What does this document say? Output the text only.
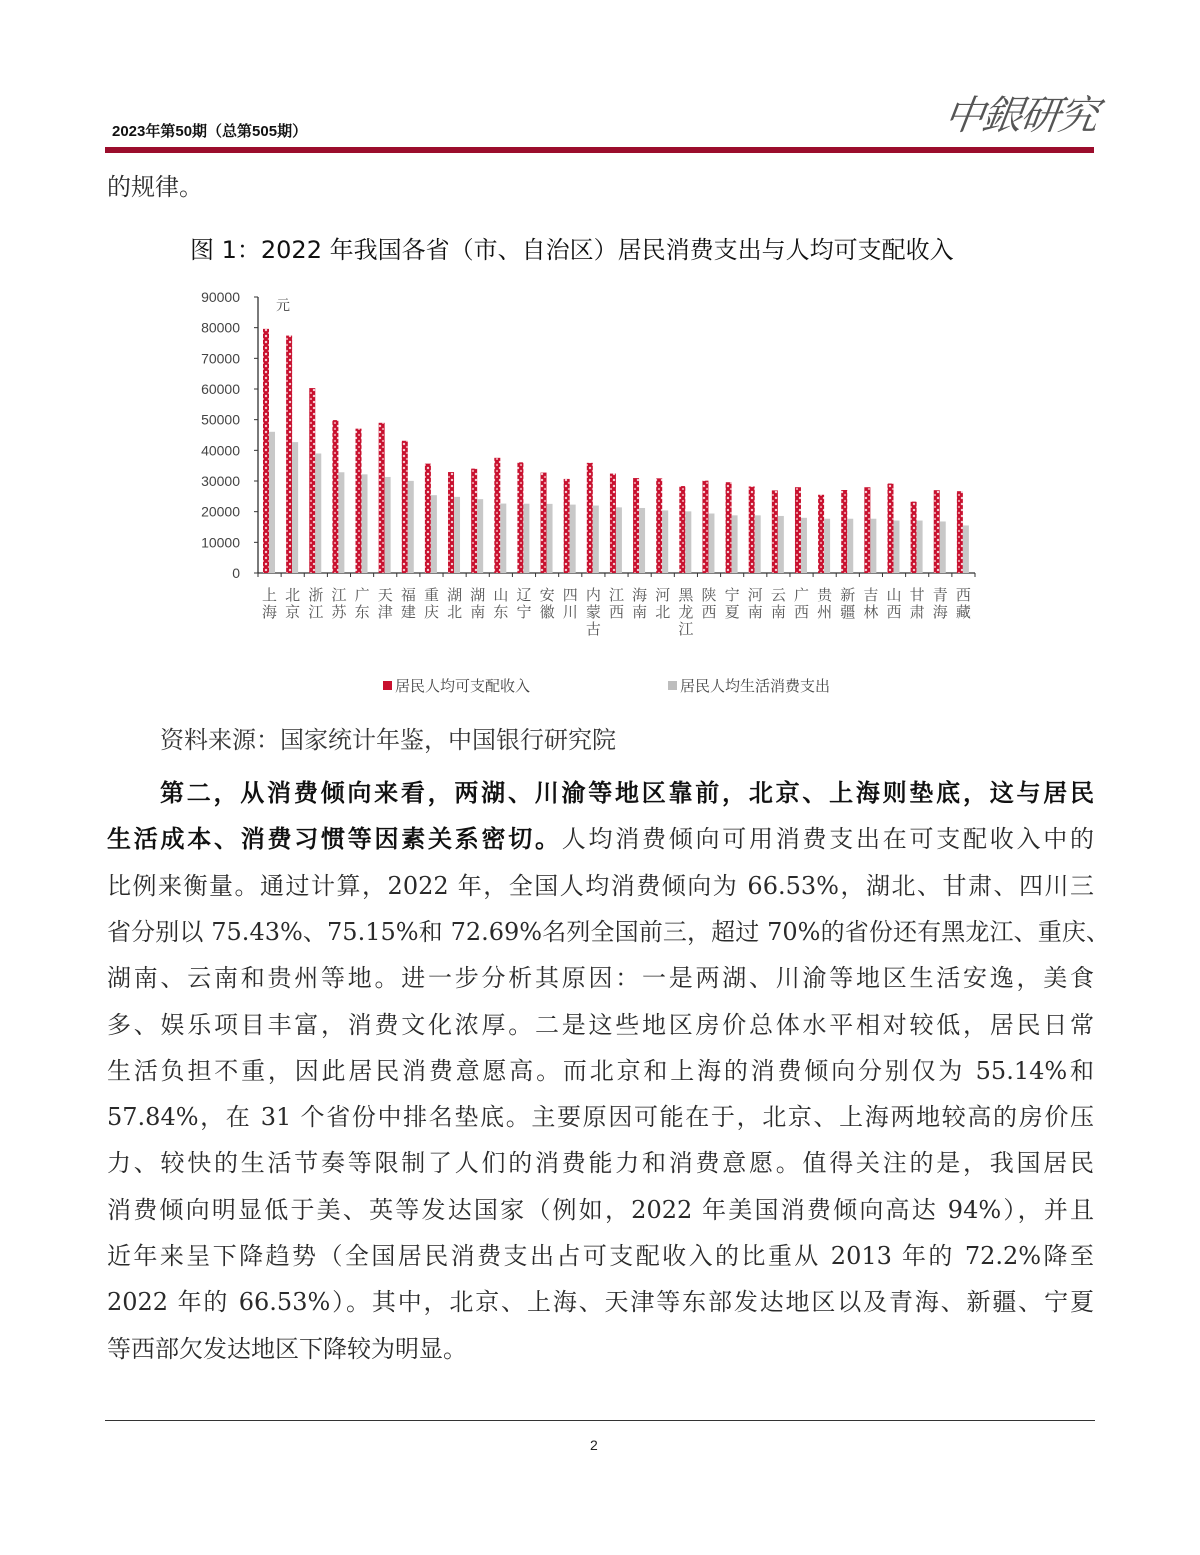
2023年第50期（总第505期）	中銀研究
的规律。
图 1：2022 年我国各省（市、自治区）居民消费支出与人均可支配收入
0
10000
20000
30000
40000
50000
60000
70000
80000
90000
元
上
海
北
京
浙
江
江
苏
广
东
天
津
福
建
重
庆
湖
北
湖
南
山
东
辽
宁
安
徽
四
川
内
蒙
古
江
西
海
南
河
北
黑
龙
江
陕
西
宁
夏
河
南
云
南
广
西
贵
州
新
疆
吉
林
山
西
甘
肃
青
海
西
藏
居民人均可支配收入	居民人均生活消费支出
资料来源：国家统计年鉴，中国银行研究院
第二，从消费倾向来看，两湖、川渝等地区靠前，北京、上海则垫底，这与居民
生活成本、消费习惯等因素关系密切。人均消费倾向可用消费支出在可支配收入中的
比例来衡量。通过计算，2022 年，全国人均消费倾向为 66.53%，湖北、甘肃、四川三
省分别以 75.43%、75.15%和 72.69%名列全国前三，超过 70%的省份还有黑龙江、重庆、
湖南、云南和贵州等地。进一步分析其原因：一是两湖、川渝等地区生活安逸，美食
多、娱乐项目丰富，消费文化浓厚。二是这些地区房价总体水平相对较低，居民日常
生活负担不重，因此居民消费意愿高。而北京和上海的消费倾向分别仅为 55.14%和
57.84%，在 31 个省份中排名垫底。主要原因可能在于，北京、上海两地较高的房价压
力、较快的生活节奏等限制了人们的消费能力和消费意愿。值得关注的是，我国居民
消费倾向明显低于美、英等发达国家（例如，2022 年美国消费倾向高达 94%），并且
近年来呈下降趋势（全国居民消费支出占可支配收入的比重从 2013 年的 72.2%降至
2022 年的 66.53%）。其中，北京、上海、天津等东部发达地区以及青海、新疆、宁夏
等西部欠发达地区下降较为明显。
2
